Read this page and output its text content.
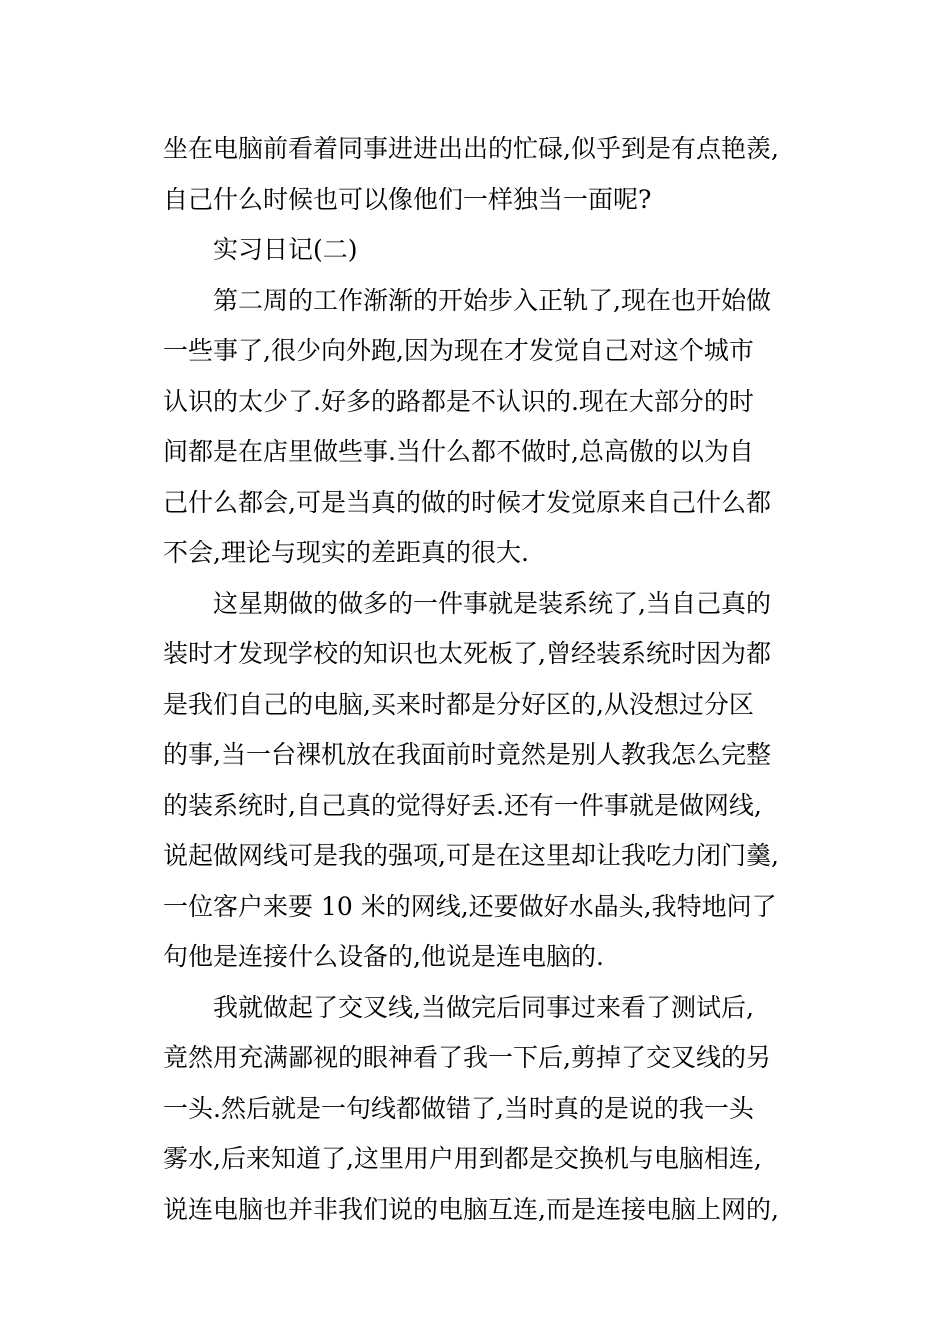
坐在电脑前看着同事进进出出的忙碌,似乎到是有点艳羡,
自己什么时候也可以像他们一样独当一面呢?
实习日记(二)
第二周的工作渐渐的开始步入正轨了,现在也开始做
一些事了,很少向外跑,因为现在才发觉自己对这个城市
认识的太少了.好多的路都是不认识的.现在大部分的时
间都是在店里做些事.当什么都不做时,总高傲的以为自
己什么都会,可是当真的做的时候才发觉原来自己什么都
不会,理论与现实的差距真的很大.
这星期做的做多的一件事就是装系统了,当自己真的
装时才发现学校的知识也太死板了,曾经装系统时因为都
是我们自己的电脑,买来时都是分好区的,从没想过分区
的事,当一台裸机放在我面前时竟然是别人教我怎么完整
的装系统时,自己真的觉得好丢.还有一件事就是做网线,
说起做网线可是我的强项,可是在这里却让我吃力闭门羹,
一位客户来要 10 米的网线,还要做好水晶头,我特地问了
句他是连接什么设备的,他说是连电脑的.
我就做起了交叉线,当做完后同事过来看了测试后,
竟然用充满鄙视的眼神看了我一下后,剪掉了交叉线的另
一头.然后就是一句线都做错了,当时真的是说的我一头
雾水,后来知道了,这里用户用到都是交换机与电脑相连,
说连电脑也并非我们说的电脑互连,而是连接电脑上网的,
